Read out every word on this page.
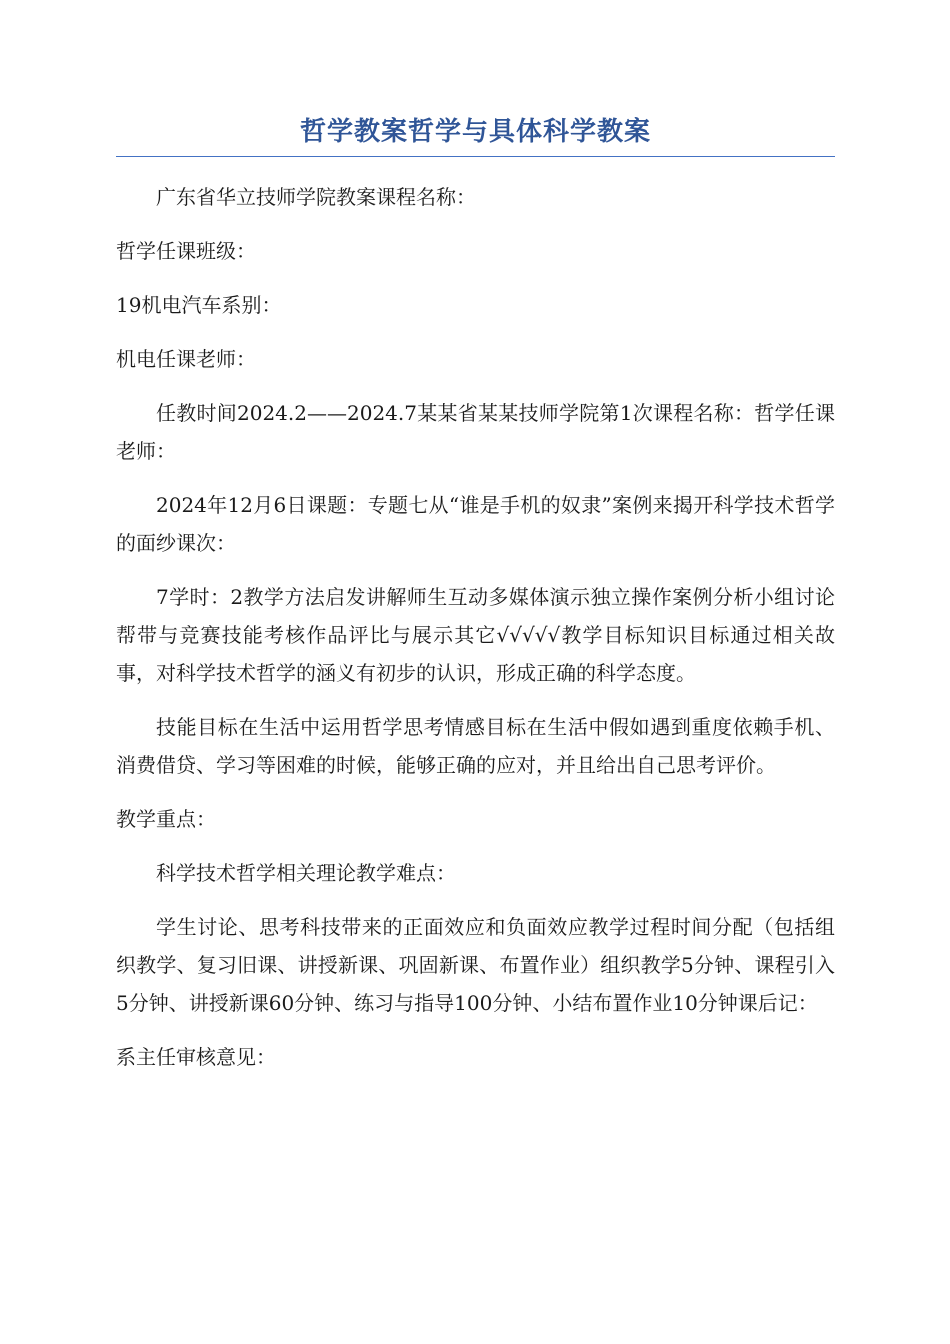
哲学教案哲学与具体科学教案

广东省华立技师学院教案课程名称：

哲学任课班级：

19机电汽车系别：

机电任课老师：

任教时间2024.2——2024.7某某省某某技师学院第1次课程名称：哲学任课老师：

2024年12月6日课题：专题七从“谁是手机的奴隶”案例来揭开科学技术哲学的面纱课次：

7学时：2教学方法启发讲解师生互动多媒体演示独立操作案例分析小组讨论帮带与竞赛技能考核作品评比与展示其它√√√√√教学目标知识目标通过相关故事，对科学技术哲学的涵义有初步的认识，形成正确的科学态度。

技能目标在生活中运用哲学思考情感目标在生活中假如遇到重度依赖手机、消费借贷、学习等困难的时候，能够正确的应对，并且给出自己思考评价。

教学重点：

科学技术哲学相关理论教学难点：

学生讨论、思考科技带来的正面效应和负面效应教学过程时间分配（包括组织教学、复习旧课、讲授新课、巩固新课、布置作业）组织教学5分钟、课程引入5分钟、讲授新课60分钟、练习与指导100分钟、小结布置作业10分钟课后记：

系主任审核意见：
